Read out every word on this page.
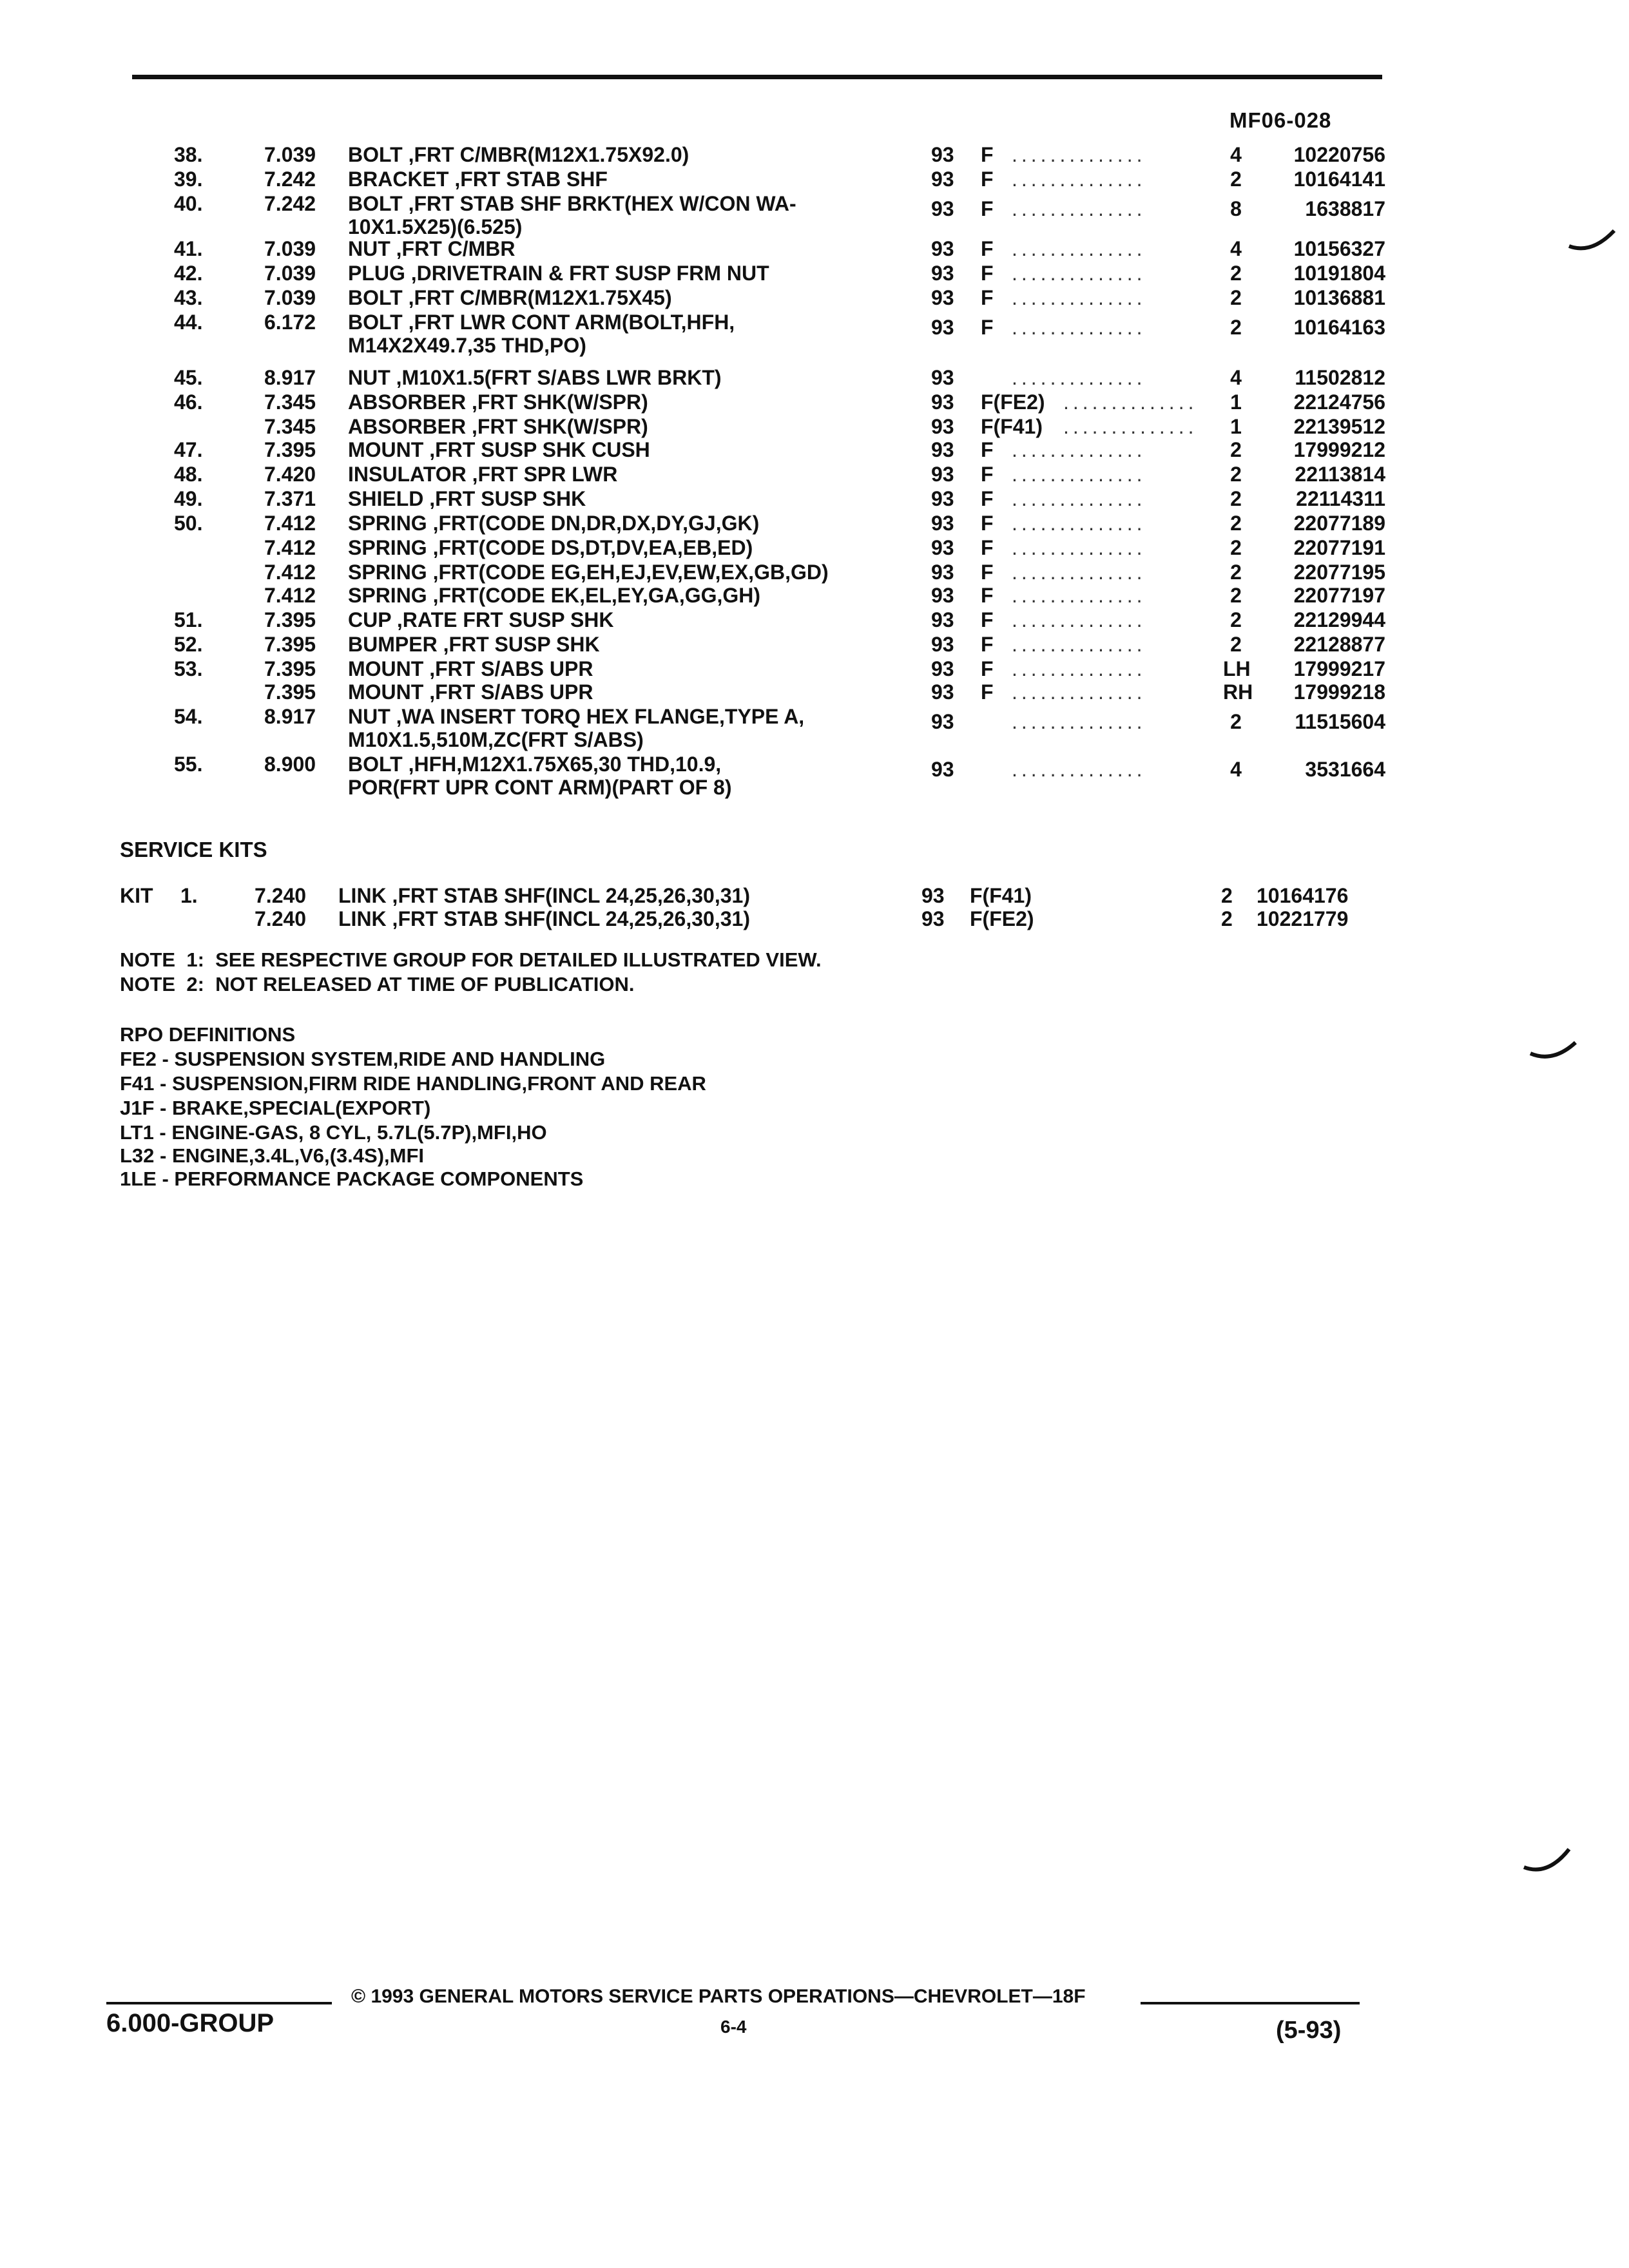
MF06-028
38.	7.039 BOLT ,FRT C/MBR(M12X1.75X92.0)	93 F	4	10220756
..............
39.	7.242 BRACKET ,FRT STAB SHF	93 F	2	10164141
..............
40.	7.242 BOLT ,FRT STAB SHF BRKT(HEX W/CON WA-
10X1.5X25)(6.525)
93 F	8	1638817
..............
41.	7.039 NUT ,FRT C/MBR	93 F	4	10156327
..............
42.	7.039 PLUG ,DRIVETRAIN & FRT SUSP FRM NUT	93 F	2	10191804
..............
43.	7.039 BOLT ,FRT C/MBR(M12X1.75X45)	93 F	2	10136881
..............
44.	6.172 BOLT ,FRT LWR CONT ARM(BOLT,HFH,
M14X2X49.7,35 THD,PO)
93 F	2	10164163
..............
45.	8.917 NUT ,M10X1.5(FRT S/ABS LWR BRKT)	93	4	11502812
..............
46.	7.345 ABSORBER ,FRT SHK(W/SPR)	93 F(FE2)	1	22124756
..............
7.345 ABSORBER ,FRT SHK(W/SPR)	93 F(F41)	1	22139512
..............
47.	7.395 MOUNT ,FRT SUSP SHK CUSH	93 F	2	17999212
..............
48.	7.420 INSULATOR ,FRT SPR LWR	93 F	2	22113814
..............
49.	7.371 SHIELD ,FRT SUSP SHK	93 F	2	22114311
..............
50.	7.412 SPRING ,FRT(CODE DN,DR,DX,DY,GJ,GK)	93 F	2	22077189
..............
7.412 SPRING ,FRT(CODE DS,DT,DV,EA,EB,ED)	93 F	2	22077191
..............
7.412 SPRING ,FRT(CODE EG,EH,EJ,EV,EW,EX,GB,GD)	93 F	2	22077195
..............
7.412 SPRING ,FRT(CODE EK,EL,EY,GA,GG,GH)	93 F	2	22077197
..............
51.	7.395 CUP ,RATE FRT SUSP SHK	93 F	2	22129944
..............
52.	7.395 BUMPER ,FRT SUSP SHK	93 F	2	22128877
..............
53.	7.395 MOUNT ,FRT S/ABS UPR	93 F	LH	17999217
..............
7.395 MOUNT ,FRT S/ABS UPR	93 F	RH	17999218
..............
54.	8.917 NUT ,WA INSERT TORQ HEX FLANGE,TYPE A,
M10X1.5,510M,ZC(FRT S/ABS)
93	2	11515604
..............
55.	8.900 BOLT ,HFH,M12X1.75X65,30 THD,10.9,
POR(FRT UPR CONT ARM)(PART OF 8)
93	4	3531664
..............
SERVICE KITS
KIT 1.	7.240 LINK ,FRT STAB SHF(INCL 24,25,26,30,31)	93 F(F41)	2 10164176
7.240 LINK ,FRT STAB SHF(INCL 24,25,26,30,31)	93 F(FE2)	2 10221779
NOTE  1:  SEE RESPECTIVE GROUP FOR DETAILED ILLUSTRATED VIEW.
NOTE  2:  NOT RELEASED AT TIME OF PUBLICATION.
RPO DEFINITIONS
FE2 - SUSPENSION SYSTEM,RIDE AND HANDLING
F41 - SUSPENSION,FIRM RIDE HANDLING,FRONT AND REAR
J1F - BRAKE,SPECIAL(EXPORT)
LT1 - ENGINE-GAS, 8 CYL, 5.7L(5.7P),MFI,HO
L32 - ENGINE,3.4L,V6,(3.4S),MFI
1LE - PERFORMANCE PACKAGE COMPONENTS
6.000-GROUP
© 1993 GENERAL MOTORS SERVICE PARTS OPERATIONS—CHEVROLET—18F
6-4	(5-93)
